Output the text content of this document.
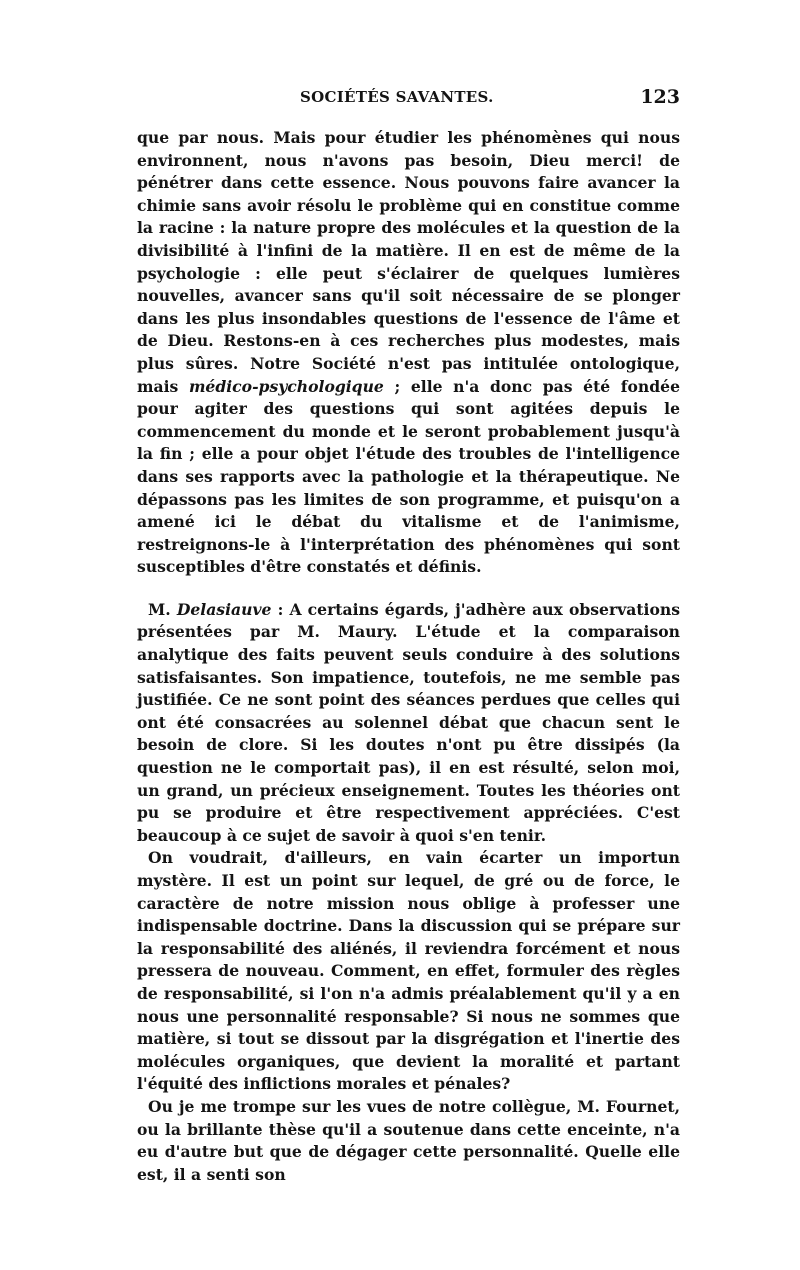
SOCIÉTÉS SAVANTES.	123

que par nous. Mais pour étudier les phénomènes qui nous environnent, nous n'avons pas besoin, Dieu merci! de pénétrer dans cette essence. Nous pouvons faire avancer la chimie sans avoir résolu le problème qui en constitue comme la racine : la nature propre des molécules et la question de la divisibilité à l'infini de la matière. Il en est de même de la psychologie : elle peut s'éclairer de quelques lumières nouvelles, avancer sans qu'il soit nécessaire de se plonger dans les plus insondables questions de l'essence de l'âme et de Dieu. Restons-en à ces recherches plus modestes, mais plus sûres. Notre Société n'est pas intitulée ontologique, mais médico-psychologique ; elle n'a donc pas été fondée pour agiter des questions qui sont agitées depuis le commencement du monde et le seront probablement jusqu'à la fin ; elle a pour objet l'étude des troubles de l'intelligence dans ses rapports avec la pathologie et la thérapeutique. Ne dépassons pas les limites de son programme, et puisqu'on a amené ici le débat du vitalisme et de l'animisme, restreignons-le à l'interprétation des phénomènes qui sont susceptibles d'être constatés et définis.

M. Delasiauve : A certains égards, j'adhère aux observations présentées par M. Maury. L'étude et la comparaison analytique des faits peuvent seuls conduire à des solutions satisfaisantes. Son impatience, toutefois, ne me semble pas justifiée. Ce ne sont point des séances perdues que celles qui ont été consacrées au solennel débat que chacun sent le besoin de clore. Si les doutes n'ont pu être dissipés (la question ne le comportait pas), il en est résulté, selon moi, un grand, un précieux enseignement. Toutes les théories ont pu se produire et être respectivement appréciées. C'est beaucoup à ce sujet de savoir à quoi s'en tenir.

On voudrait, d'ailleurs, en vain écarter un importun mystère. Il est un point sur lequel, de gré ou de force, le caractère de notre mission nous oblige à professer une indispensable doctrine. Dans la discussion qui se prépare sur la responsabilité des aliénés, il reviendra forcément et nous pressera de nouveau. Comment, en effet, formuler des règles de responsabilité, si l'on n'a admis préalablement qu'il y a en nous une personnalité responsable? Si nous ne sommes que matière, si tout se dissout par la disgrégation et l'inertie des molécules organiques, que devient la moralité et partant l'équité des inflictions morales et pénales?

Ou je me trompe sur les vues de notre collègue, M. Fournet, ou la brillante thèse qu'il a soutenue dans cette enceinte, n'a eu d'autre but que de dégager cette personnalité. Quelle elle est, il a senti son
